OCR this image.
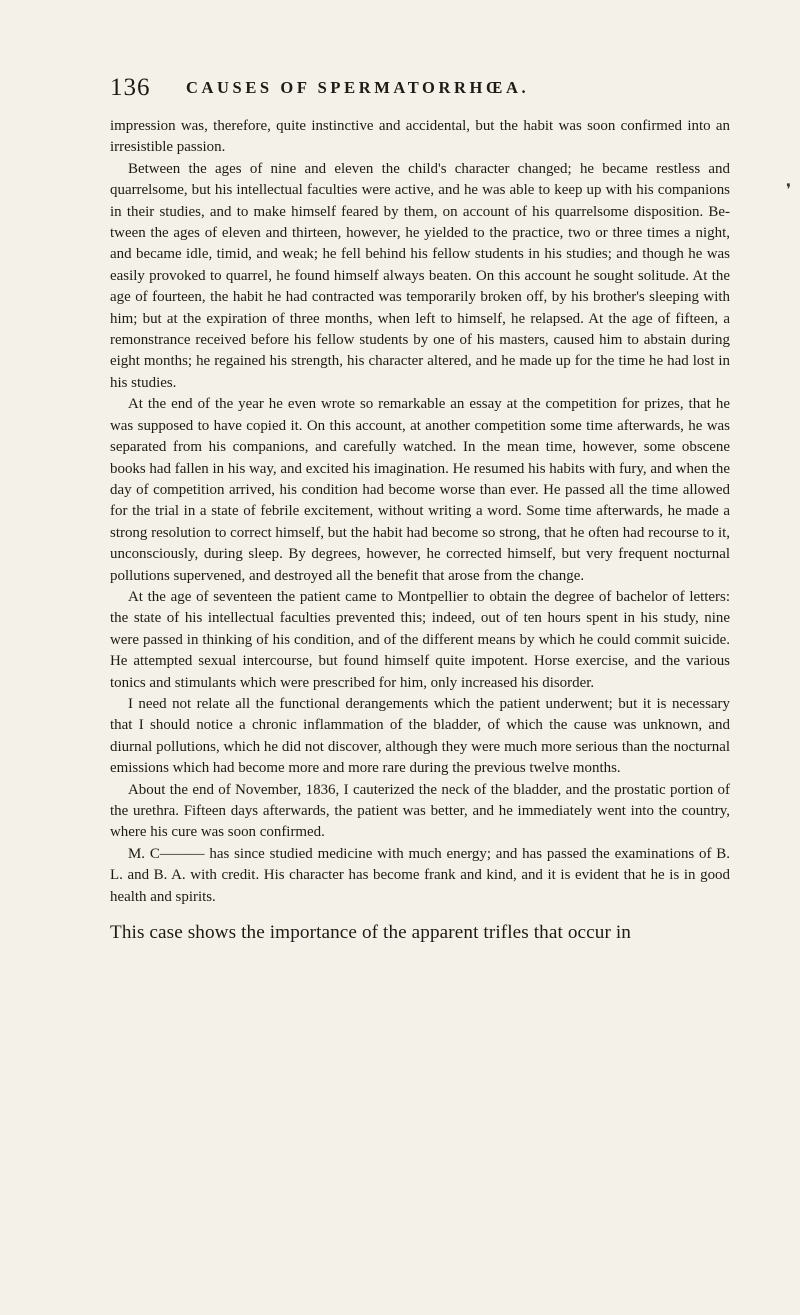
136 CAUSES OF SPERMATORRHŒA.

impression was, therefore, quite instinctive and accidental, but the habit was soon confirmed into an irresistible passion.

Between the ages of nine and eleven the child's character changed; he became restless and quarrelsome, but his intellectual faculties were active, and he was able to keep up with his companions in their studies, and to make himself feared by them, on account of his quarrelsome disposition. Between the ages of eleven and thirteen, however, he yielded to the practice, two or three times a night, and became idle, timid, and weak; he fell behind his fellow students in his studies; and though he was easily provoked to quarrel, he found himself always beaten. On this account he sought solitude. At the age of fourteen, the habit he had contracted was temporarily broken off, by his brother's sleeping with him; but at the expiration of three months, when left to himself, he relapsed. At the age of fifteen, a remonstrance received before his fellow students by one of his masters, caused him to abstain during eight months; he regained his strength, his character altered, and he made up for the time he had lost in his studies.

At the end of the year he even wrote so remarkable an essay at the competition for prizes, that he was supposed to have copied it. On this account, at another competition some time afterwards, he was separated from his companions, and carefully watched. In the mean time, however, some obscene books had fallen in his way, and excited his imagination. He resumed his habits with fury, and when the day of competition arrived, his condition had become worse than ever. He passed all the time allowed for the trial in a state of febrile excitement, without writing a word. Some time afterwards, he made a strong resolution to correct himself, but the habit had become so strong, that he often had recourse to it, unconsciously, during sleep. By degrees, however, he corrected himself, but very frequent nocturnal pollutions supervened, and destroyed all the benefit that arose from the change.

At the age of seventeen the patient came to Montpellier to obtain the degree of bachelor of letters: the state of his intellectual faculties prevented this; indeed, out of ten hours spent in his study, nine were passed in thinking of his condition, and of the different means by which he could commit suicide. He attempted sexual intercourse, but found himself quite impotent. Horse exercise, and the various tonics and stimulants which were prescribed for him, only increased his disorder.

I need not relate all the functional derangements which the patient underwent; but it is necessary that I should notice a chronic inflammation of the bladder, of which the cause was unknown, and diurnal pollutions, which he did not discover, although they were much more serious than the nocturnal emissions which had become more and more rare during the previous twelve months.

About the end of November, 1836, I cauterized the neck of the bladder, and the prostatic portion of the urethra. Fifteen days afterwards, the patient was better, and he immediately went into the country, where his cure was soon confirmed.

M. C——— has since studied medicine with much energy; and has passed the examinations of B. L. and B. A. with credit. His character has become frank and kind, and it is evident that he is in good health and spirits.

This case shows the importance of the apparent trifles that occur in
❜
